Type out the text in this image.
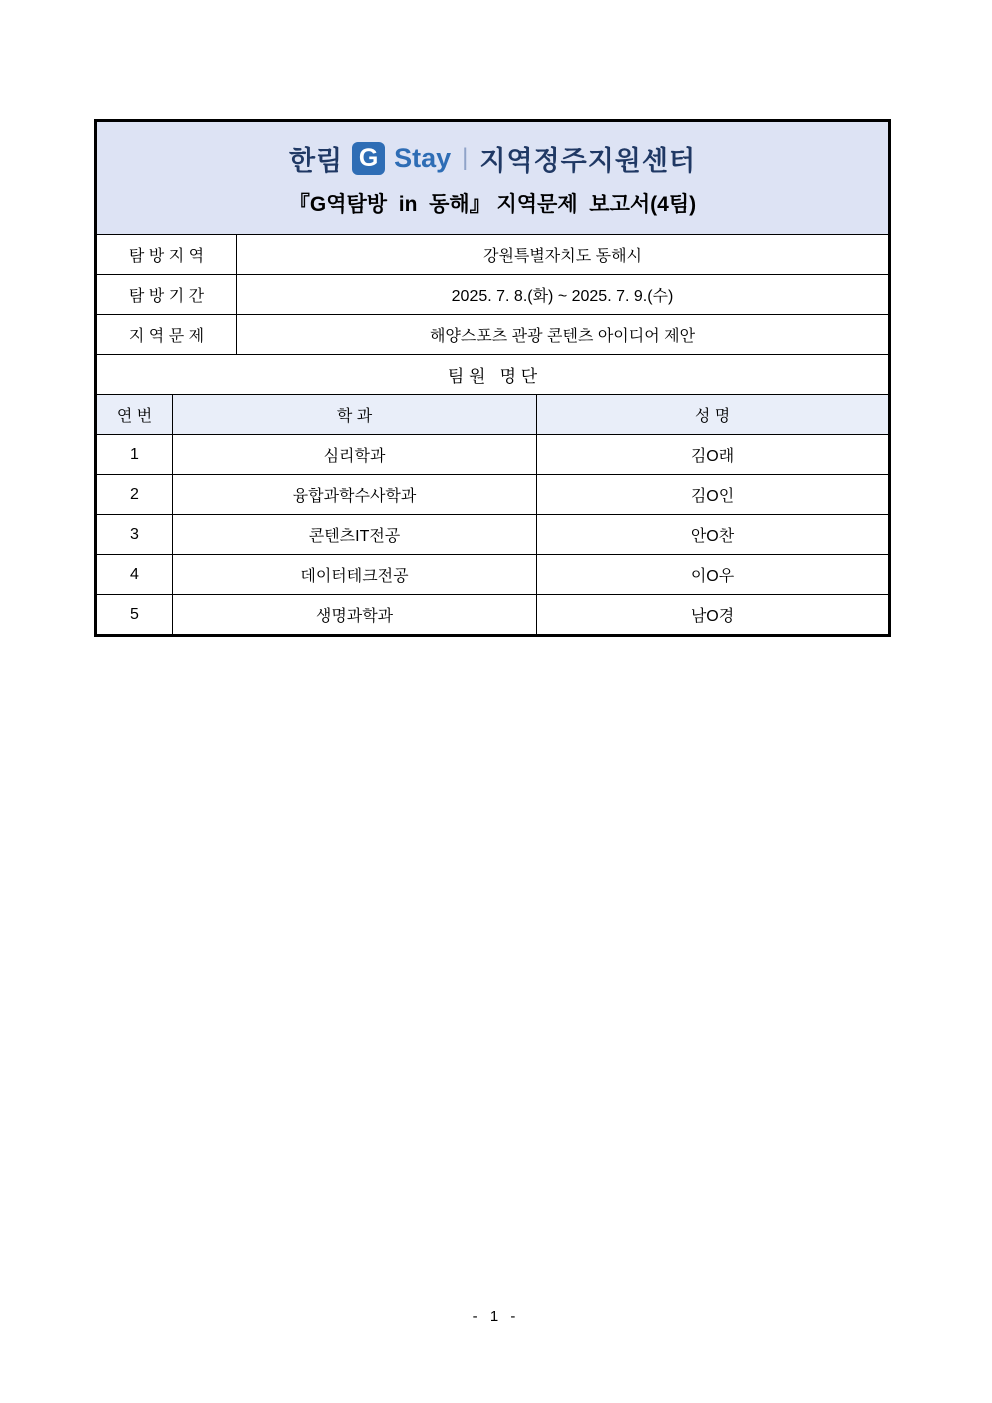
한림 G Stay | 지역정주지원센터
『G역탐방  in  동해』 지역문제  보고서(4팀)
탐 방 지 역	강원특별자치도 동해시
탐 방 기 간	2025. 7. 8.(화) ~ 2025. 7. 9.(수)
지 역 문 제	해양스포츠 관광 콘텐츠 아이디어 제안
팀 원   명 단
연 번	학 과	성 명
1	심리학과	김O래
2	융합과학수사학과	김O인
3	콘텐츠IT전공	안O찬
4	데이터테크전공	이O우
5	생명과학과	남O경
- 1 -
